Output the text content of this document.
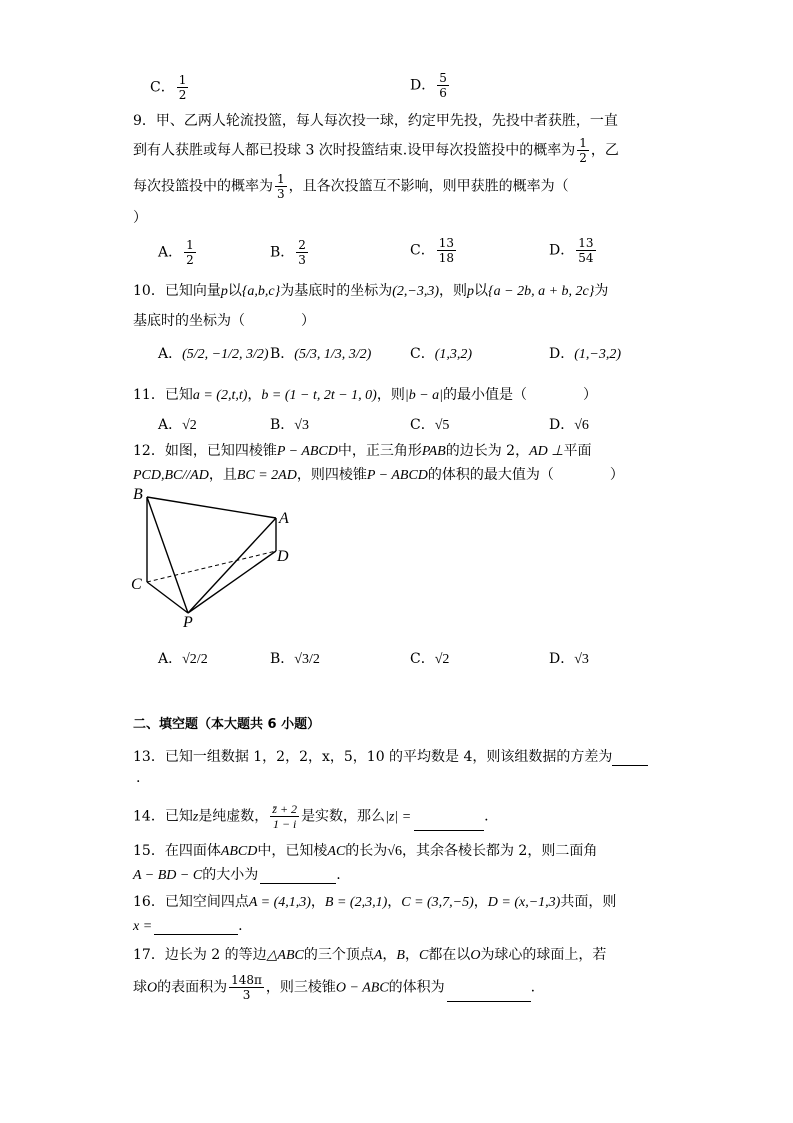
C． $\frac{1}{2}$	D． $\frac{5}{6}$
9．甲、乙两人轮流投篮，每人每次投一球，约定甲先投，先投中者获胜，一直
到有人获胜或每人都已投球 3 次时投篮结束.设甲每次投篮投中的概率为 $\frac{1}{2}$ ，乙
每次投篮投中的概率为 $\frac{1}{3}$ ，且各次投篮互不影响，则甲获胜的概率为（
）
A． $\frac{1}{2}$	B． $\frac{2}{3}$	C． $\frac{13}{18}$	D． $\frac{13}{54}$
10．已知向量p以{a,b,c}为基底时的坐标为(2,−3,3)，则p以{a − 2b, a + b, 2c}为
基底时的坐标为（　　　　）
A．(5/2, −1/2, 3/2) B．(5/3, 1/3, 3/2)	C．(1,3,2)	D．(1,−3,2)
11．已知a = (2,t,t)，b = (1 − t, 2t − 1, 0)，则|b − a|的最小值是（　　　　）
A．√2	B．√3	C．√5	D．√6
12．如图，已知四棱锥P − ABCD中，正三角形PAB的边长为 2，AD ⊥平面
PCD,BC//AD，且BC = 2AD，则四棱锥P − ABCD的体积的最大值为（　　　　）
B
A
D
C
P
A．√2/2	B．√3/2	C．√2	D．√3
二、填空题（本大题共 6 小题）
13．已知一组数据 1，2，2，x，5，10 的平均数是 4，则该组数据的方差为
.
14．已知z是纯虚数， $\frac{z̄ + 2}{1 - i}$ 是实数，那么|z| =	.
15．在四面体ABCD中，已知棱AC的长为√6，其余各棱长都为 2，则二面角
A − BD − C的大小为	.
16．已知空间四点A = (4,1,3)，B = (2,3,1)，C = (3,7,−5)，D = (x,−1,3)共面，则
x =	.
17．边长为 2 的等边△ABC的三个顶点A，B，C都在以O为球心的球面上，若
球O的表面积为 $\frac{148\pi}{3}$ ，则三棱锥O − ABC的体积为	.
